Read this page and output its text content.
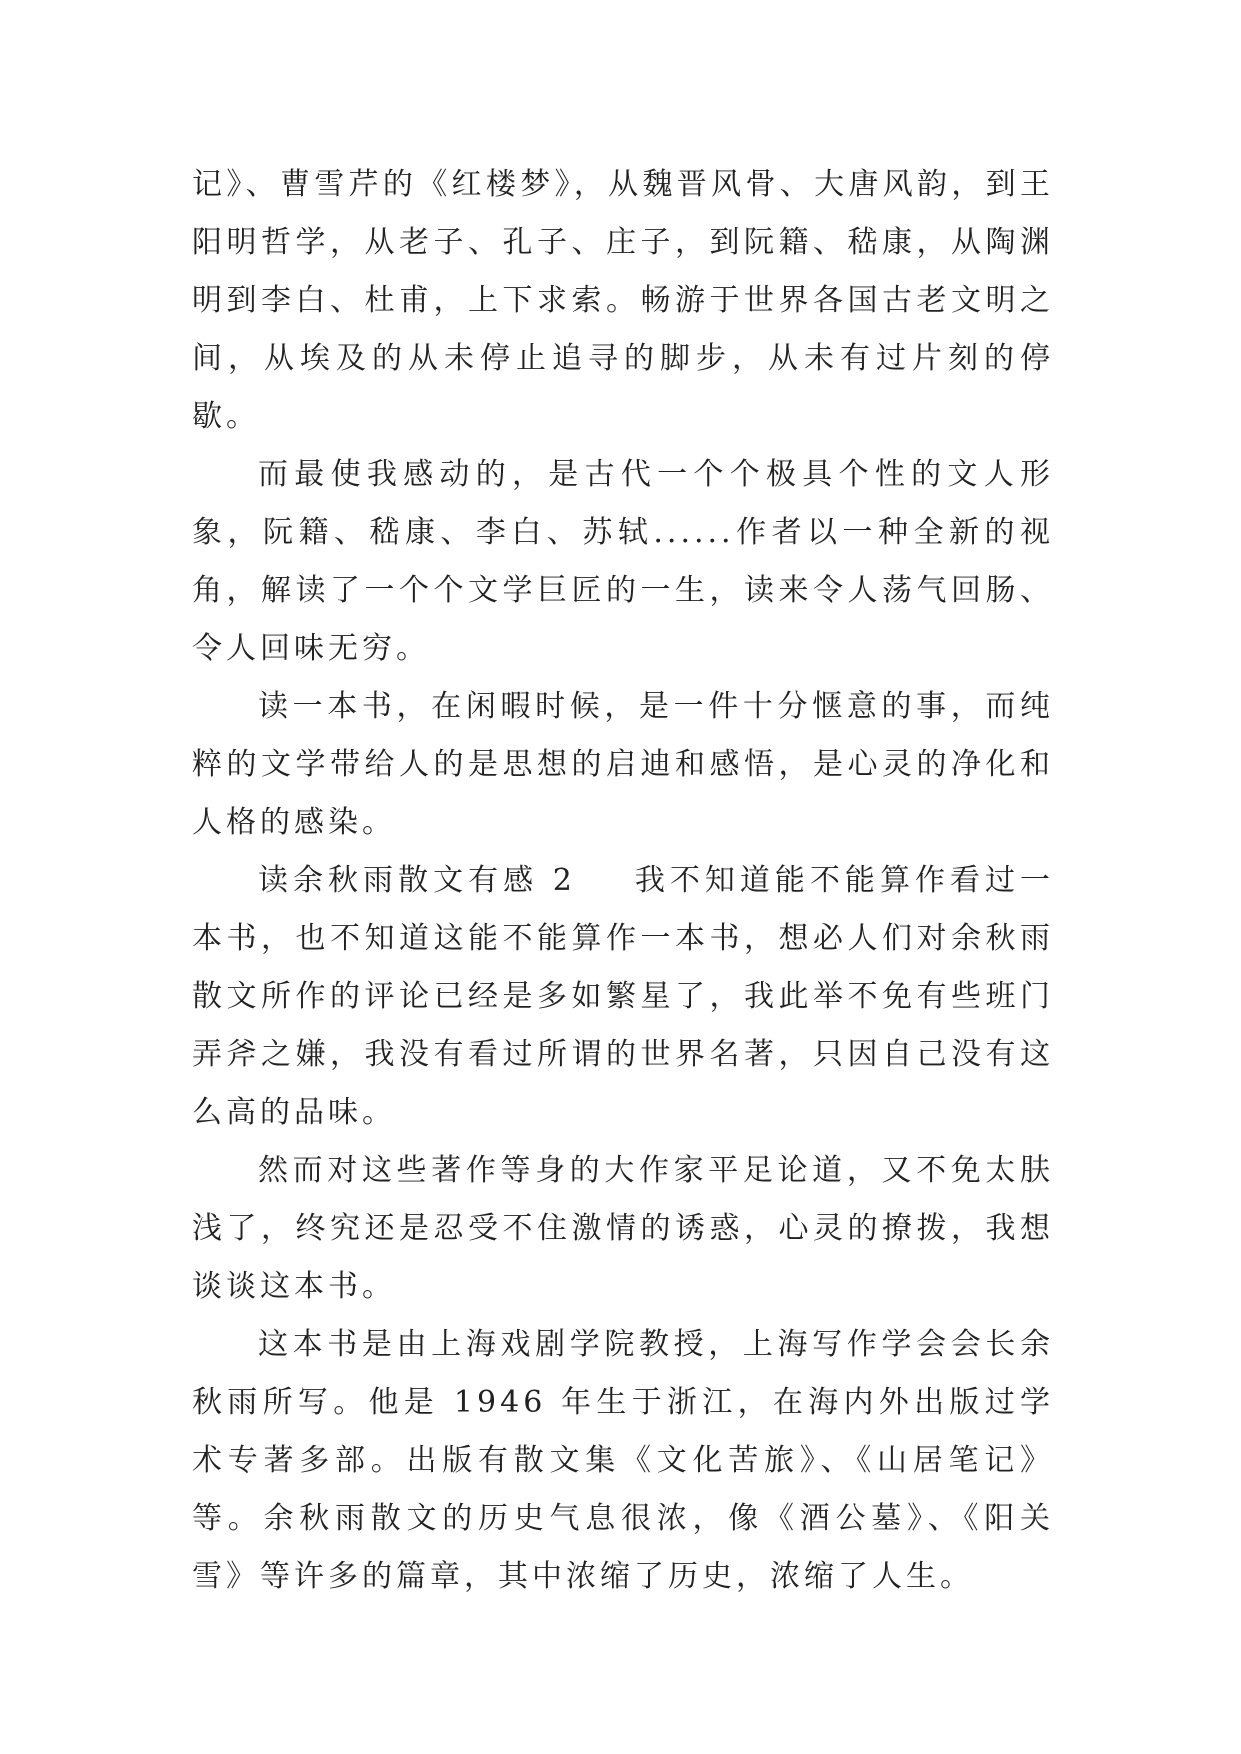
记》、曹雪芹的《红楼梦》，从魏晋风骨、大唐风韵，到王阳明哲学，从老子、孔子、庄子，到阮籍、嵇康，从陶渊明到李白、杜甫，上下求索。畅游于世界各国古老文明之间，从埃及的从未停止追寻的脚步，从未有过片刻的停歇。

而最使我感动的，是古代一个个极具个性的文人形象，阮籍、嵇康、李白、苏轼......作者以一种全新的视角，解读了一个个文学巨匠的一生，读来令人荡气回肠、令人回味无穷。

读一本书，在闲暇时候，是一件十分惬意的事，而纯粹的文学带给人的是思想的启迪和感悟，是心灵的净化和人格的感染。

读余秋雨散文有感 2 我不知道能不能算作看过一本书，也不知道这能不能算作一本书，想必人们对余秋雨散文所作的评论已经是多如繁星了，我此举不免有些班门弄斧之嫌，我没有看过所谓的世界名著，只因自己没有这么高的品味。

然而对这些著作等身的大作家平足论道，又不免太肤浅了，终究还是忍受不住激情的诱惑，心灵的撩拨，我想谈谈这本书。

这本书是由上海戏剧学院教授，上海写作学会会长余秋雨所写。他是 1946 年生于浙江，在海内外出版过学术专著多部。出版有散文集《文化苦旅》、《山居笔记》等。余秋雨散文的历史气息很浓，像《酒公墓》、《阳关雪》等许多的篇章，其中浓缩了历史，浓缩了人生。
